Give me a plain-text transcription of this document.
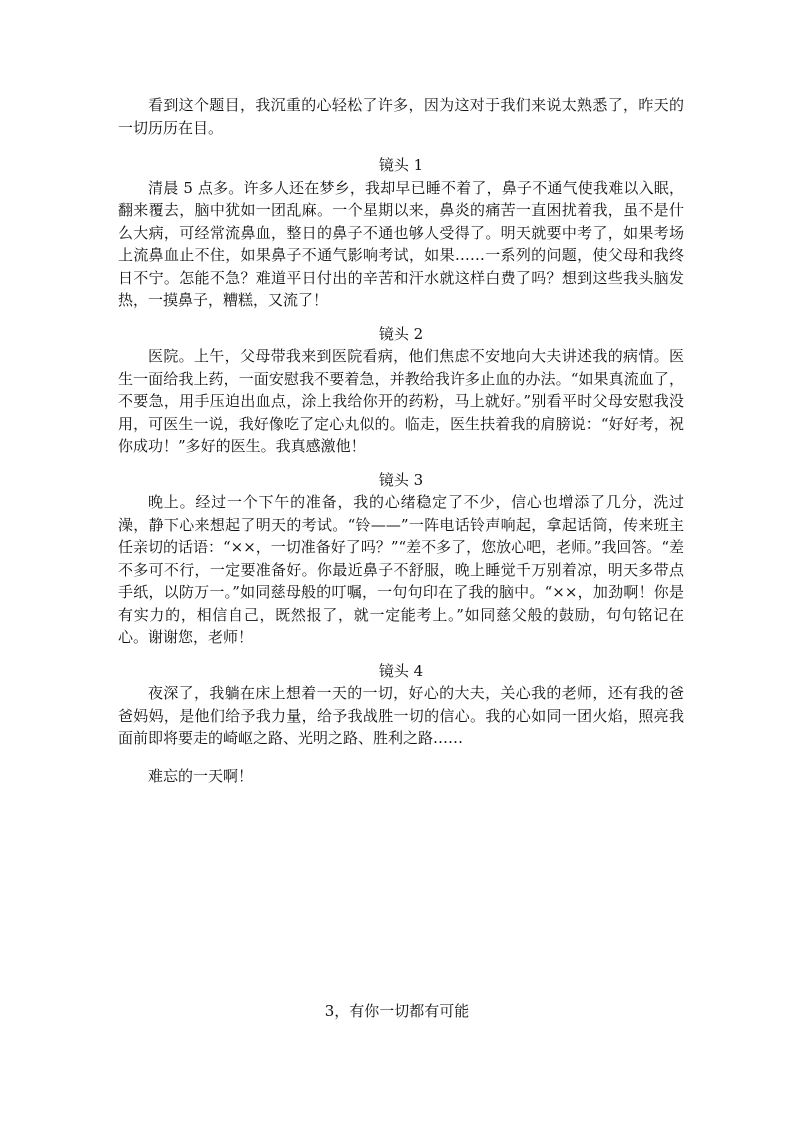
看到这个题目，我沉重的心轻松了许多，因为这对于我们来说太熟悉了，昨天的一切历历在目。

镜头 1

清晨 5 点多。许多人还在梦乡，我却早已睡不着了，鼻子不通气使我难以入眠，翻来覆去，脑中犹如一团乱麻。一个星期以来，鼻炎的痛苦一直困扰着我，虽不是什么大病，可经常流鼻血，整日的鼻子不通也够人受得了。明天就要中考了，如果考场上流鼻血止不住，如果鼻子不通气影响考试，如果……一系列的问题，使父母和我终日不宁。怎能不急？难道平日付出的辛苦和汗水就这样白费了吗？想到这些我头脑发热，一摸鼻子，糟糕，又流了！

镜头 2

医院。上午，父母带我来到医院看病，他们焦虑不安地向大夫讲述我的病情。医生一面给我上药，一面安慰我不要着急，并教给我许多止血的办法。“如果真流血了，不要急，用手压迫出血点，涂上我给你开的药粉，马上就好。”别看平时父母安慰我没用，可医生一说，我好像吃了定心丸似的。临走，医生扶着我的肩膀说：“好好考，祝你成功！”多好的医生。我真感激他！

镜头 3

晚上。经过一个下午的准备，我的心绪稳定了不少，信心也增添了几分，洗过澡，静下心来想起了明天的考试。“铃——”一阵电话铃声响起，拿起话筒，传来班主任亲切的话语：“××，一切准备好了吗？”“差不多了，您放心吧，老师。”我回答。“差不多可不行，一定要准备好。你最近鼻子不舒服，晚上睡觉千万别着凉，明天多带点手纸，以防万一。”如同慈母般的叮嘱，一句句印在了我的脑中。“××，加劲啊！你是有实力的，相信自己，既然报了，就一定能考上。”如同慈父般的鼓励，句句铭记在心。谢谢您，老师！

镜头 4

夜深了，我躺在床上想着一天的一切，好心的大夫，关心我的老师，还有我的爸爸妈妈，是他们给予我力量，给予我战胜一切的信心。我的心如同一团火焰，照亮我面前即将要走的崎岖之路、光明之路、胜利之路……

难忘的一天啊！

3，有你一切都有可能
